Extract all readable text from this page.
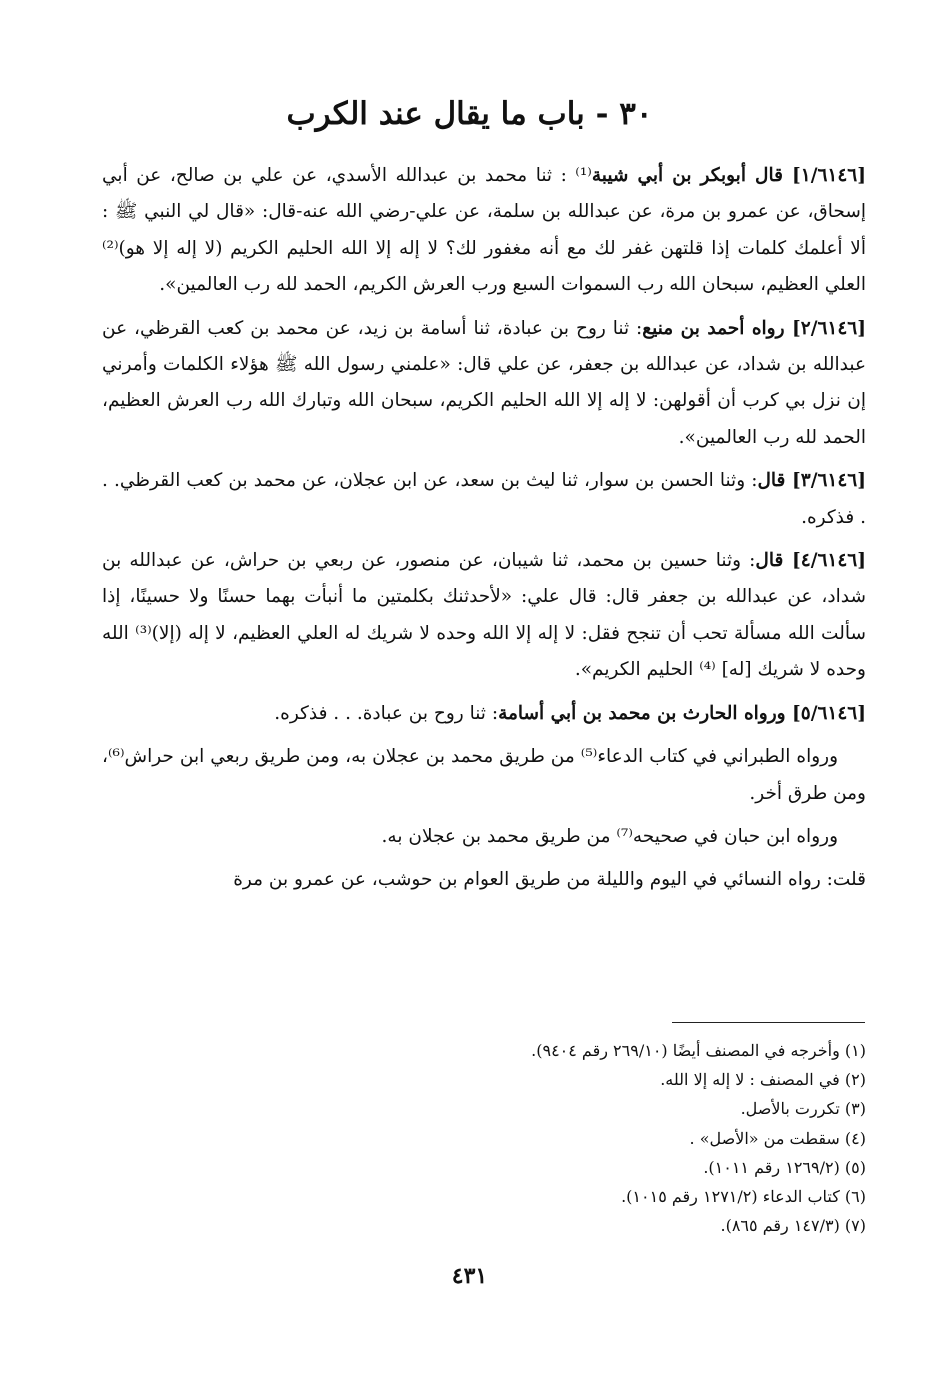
٣٠ - باب ما يقال عند الكرب

[١/٦١٤٦] قال أبوبكر بن أبي شيبة⁽¹⁾ : ثنا محمد بن عبدالله الأسدي، عن علي بن صالح، عن أبي إسحاق، عن عمرو بن مرة، عن عبدالله بن سلمة، عن علي-رضي الله عنه-قال: «قال لي النبي ﷺ : ألا أعلمك كلمات إذا قلتهن غفر لك مع أنه مغفور لك؟ لا إله إلا الله الحليم الكريم (لا إله إلا هو)⁽²⁾ العلي العظيم، سبحان الله رب السموات السبع ورب العرش الكريم، الحمد لله رب العالمين».

[٢/٦١٤٦] رواه أحمد بن منيع: ثنا روح بن عبادة، ثنا أسامة بن زيد، عن محمد بن كعب القرظي، عن عبدالله بن شداد، عن عبدالله بن جعفر، عن علي قال: «علمني رسول الله ﷺ هؤلاء الكلمات وأمرني إن نزل بي كرب أن أقولهن: لا إله إلا الله الحليم الكريم، سبحان الله وتبارك الله رب العرش العظيم، الحمد لله رب العالمين».

[٣/٦١٤٦] قال: وثنا الحسن بن سوار، ثنا ليث بن سعد، عن ابن عجلان، عن محمد بن كعب القرظي. . . فذكره.

[٤/٦١٤٦] قال: وثنا حسين بن محمد، ثنا شيبان، عن منصور، عن ربعي بن حراش، عن عبدالله بن شداد، عن عبدالله بن جعفر قال: قال علي: «لأحدثنك بكلمتين ما أنبأت بهما حسنًا ولا حسينًا، إذا سألت الله مسألة تحب أن تنجح فقل: لا إله إلا الله وحده لا شريك له العلي العظيم، لا إله (إلا)⁽³⁾ الله وحده لا شريك [له] ⁽⁴⁾ الحليم الكريم».

[٥/٦١٤٦] ورواه الحارث بن محمد بن أبي أسامة: ثنا روح بن عبادة. . . فذكره.

ورواه الطبراني في كتاب الدعاء⁽⁵⁾ من طريق محمد بن عجلان به، ومن طريق ربعي ابن حراش⁽⁶⁾، ومن طرق أخر.

ورواه ابن حبان في صحيحه⁽⁷⁾ من طريق محمد بن عجلان به.

قلت: رواه النسائي في اليوم والليلة من طريق العوام بن حوشب، عن عمرو بن مرة

(١) وأخرجه في المصنف أيضًا (٢٦٩/١٠ رقم ٩٤٠٤).
(٢) في المصنف : لا إله إلا الله.
(٣) تكررت بالأصل.
(٤) سقطت من «الأصل» .
(٥) (١٢٦٩/٢ رقم ١٠١١).
(٦) كتاب الدعاء (١٢٧١/٢ رقم ١٠١٥).
(٧) (١٤٧/٣ رقم ٨٦٥).
٤٣١
